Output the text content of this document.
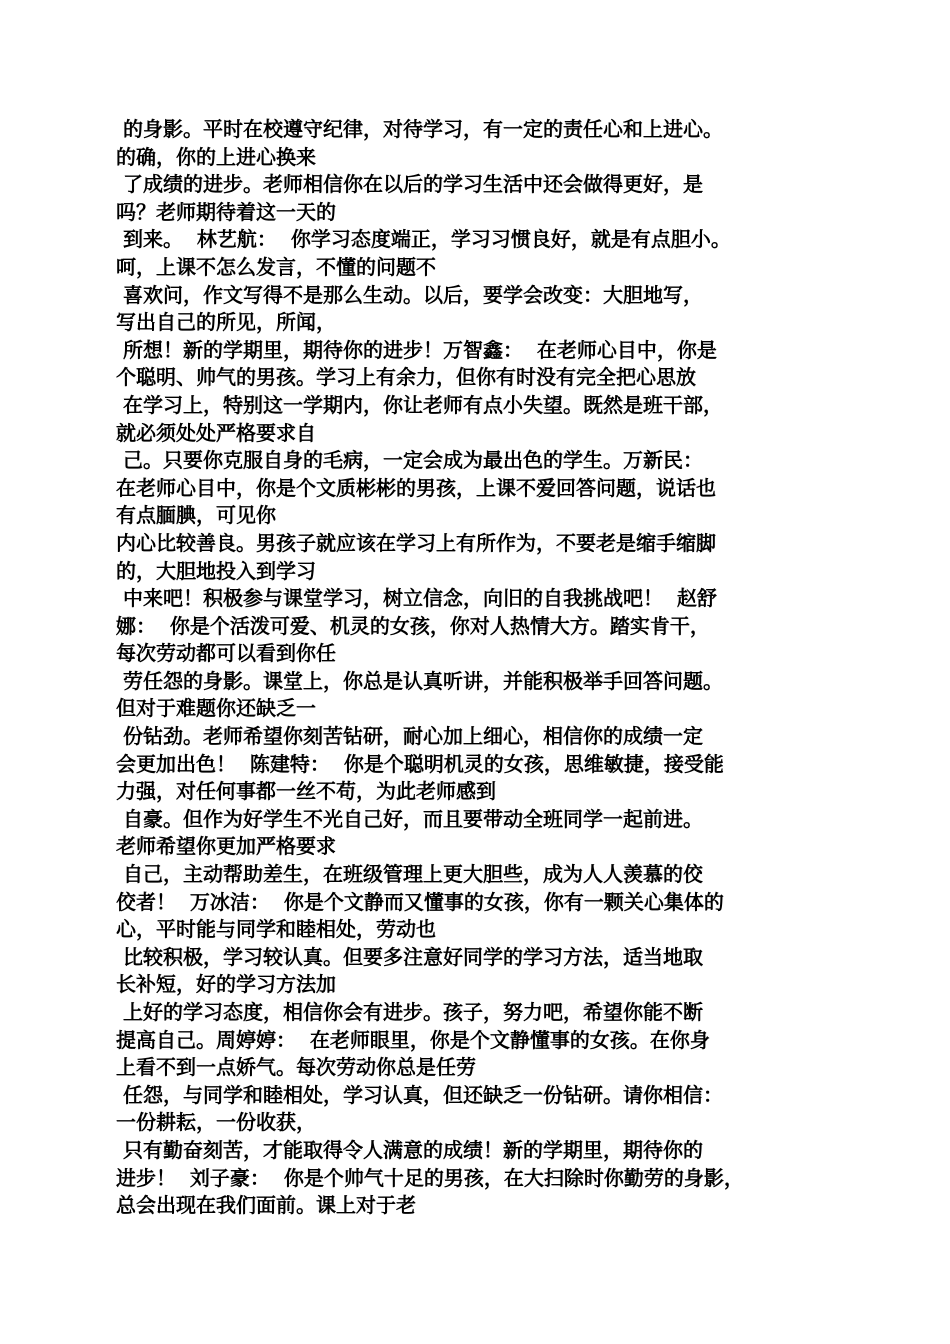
的身影。平时在校遵守纪律，对待学习，有一定的责任心和上进心。
的确，你的上进心换来
了成绩的进步。老师相信你在以后的学习生活中还会做得更好，是
吗？老师期待着这一天的
到来。  林艺航：  你学习态度端正，学习习惯良好，就是有点胆小。
呵，上课不怎么发言，不懂的问题不
喜欢问，作文写得不是那么生动。以后，要学会改变：大胆地写，
写出自己的所见，所闻，
所想！新的学期里，期待你的进步！万智鑫：  在老师心目中，你是
个聪明、帅气的男孩。学习上有余力，但你有时没有完全把心思放
在学习上，特别这一学期内，你让老师有点小失望。既然是班干部，
就必须处处严格要求自
己。只要你克服自身的毛病，一定会成为最出色的学生。万新民：
在老师心目中，你是个文质彬彬的男孩，上课不爱回答问题，说话也
有点腼腆，可见你
内心比较善良。男孩子就应该在学习上有所作为，不要老是缩手缩脚
的，大胆地投入到学习
中来吧！积极参与课堂学习，树立信念，向旧的自我挑战吧！  赵舒
娜：  你是个活泼可爱、机灵的女孩，你对人热情大方。踏实肯干，
每次劳动都可以看到你任
劳任怨的身影。课堂上，你总是认真听讲，并能积极举手回答问题。
但对于难题你还缺乏一
份钻劲。老师希望你刻苦钻研，耐心加上细心，相信你的成绩一定
会更加出色！  陈建特：  你是个聪明机灵的女孩，思维敏捷，接受能
力强，对任何事都一丝不苟，为此老师感到
自豪。但作为好学生不光自己好，而且要带动全班同学一起前进。
老师希望你更加严格要求
自己，主动帮助差生，在班级管理上更大胆些，成为人人羡慕的佼
佼者！  万冰洁：  你是个文静而又懂事的女孩，你有一颗关心集体的
心，平时能与同学和睦相处，劳动也
比较积极，学习较认真。但要多注意好同学的学习方法，适当地取
长补短，好的学习方法加
上好的学习态度，相信你会有进步。孩子，努力吧，希望你能不断
提高自己。周婷婷：  在老师眼里，你是个文静懂事的女孩。在你身
上看不到一点娇气。每次劳动你总是任劳
任怨，与同学和睦相处，学习认真，但还缺乏一份钻研。请你相信：
一份耕耘，一份收获，
只有勤奋刻苦，才能取得令人满意的成绩！新的学期里，期待你的
进步！  刘子豪：  你是个帅气十足的男孩，在大扫除时你勤劳的身影，
总会出现在我们面前。课上对于老
